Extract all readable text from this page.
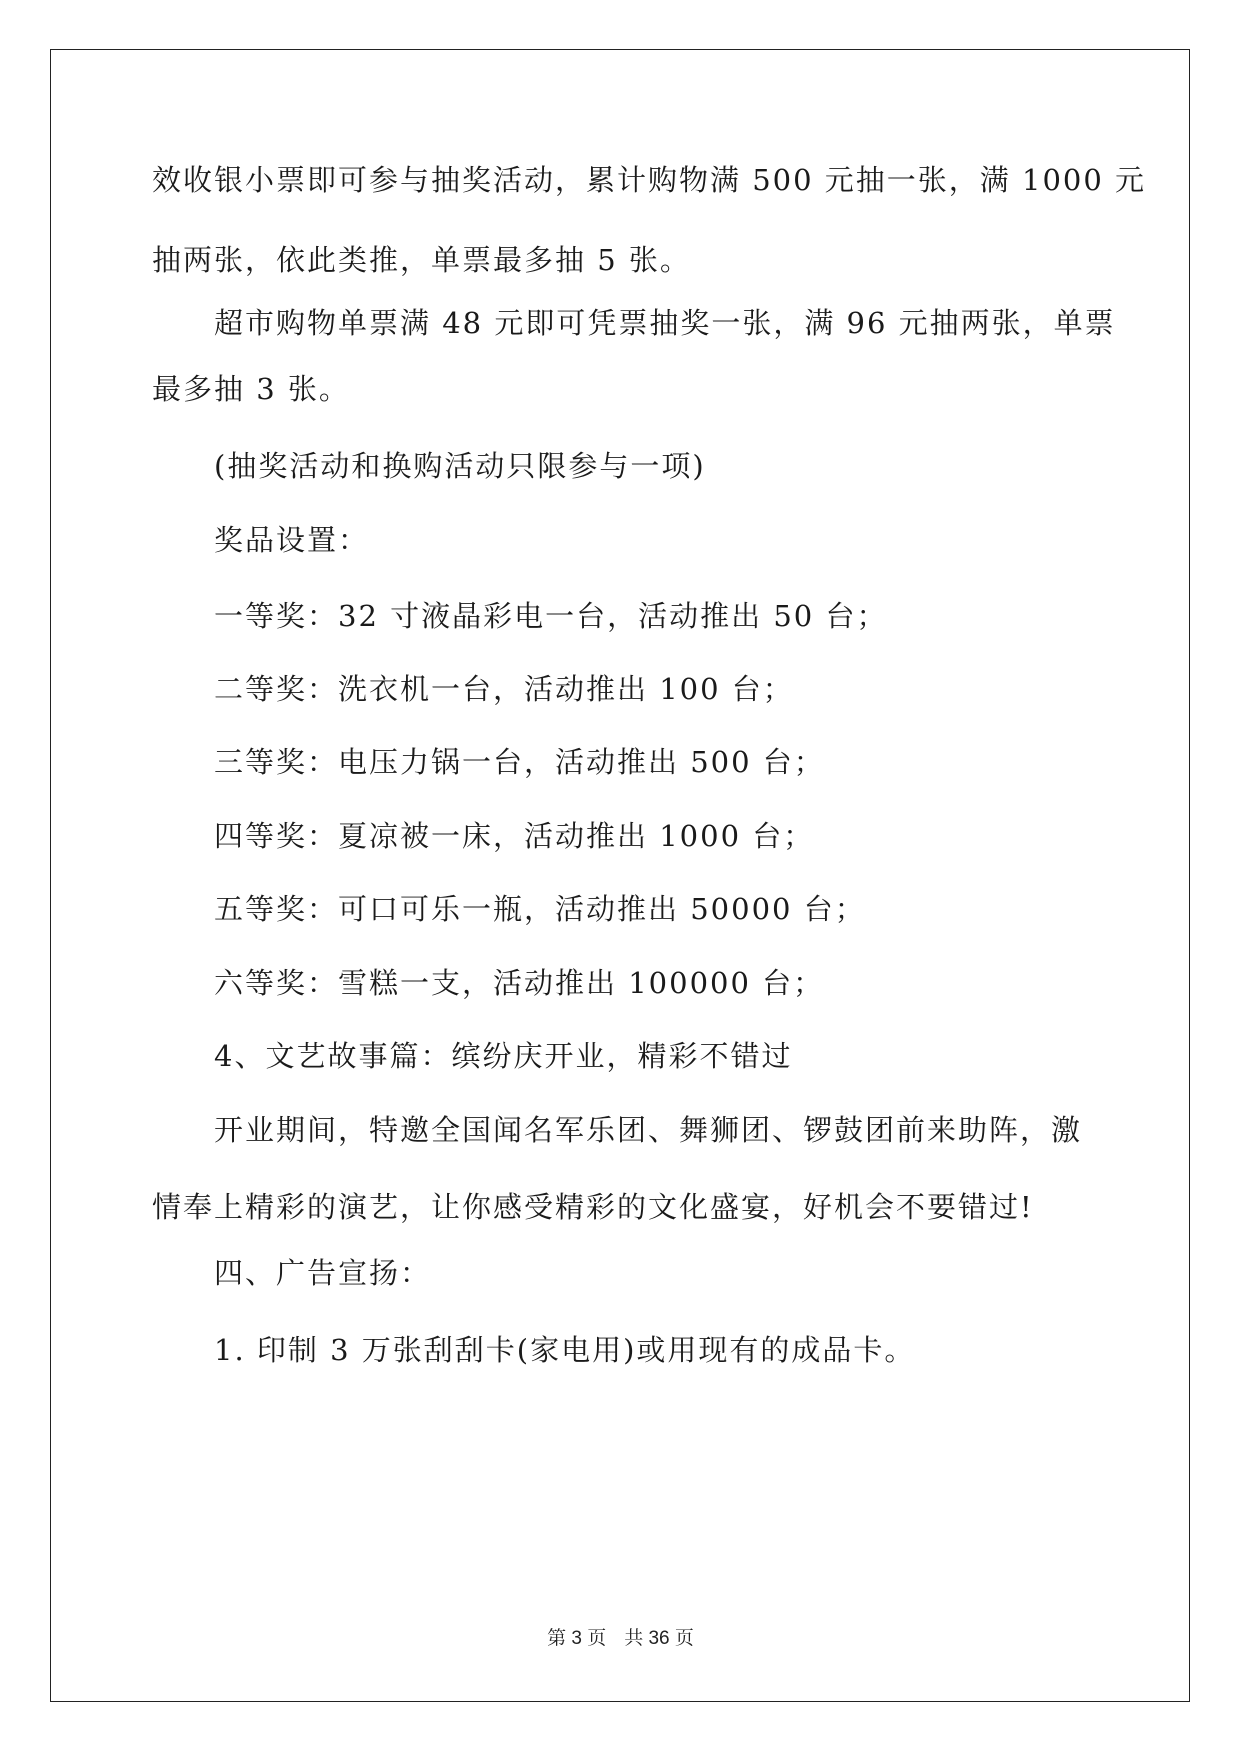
效收银小票即可参与抽奖活动，累计购物满 500 元抽一张，满 1000 元
抽两张，依此类推，单票最多抽 5 张。
超市购物单票满 48 元即可凭票抽奖一张，满 96 元抽两张，单票
最多抽 3 张。
(抽奖活动和换购活动只限参与一项)
奖品设置：
一等奖：32 寸液晶彩电一台，活动推出 50 台；
二等奖：洗衣机一台，活动推出 100 台；
三等奖：电压力锅一台，活动推出 500 台；
四等奖：夏凉被一床，活动推出 1000 台；
五等奖：可口可乐一瓶，活动推出 50000 台；
六等奖：雪糕一支，活动推出 100000 台；
4、文艺故事篇：缤纷庆开业，精彩不错过
开业期间，特邀全国闻名军乐团、舞狮团、锣鼓团前来助阵，激
情奉上精彩的演艺，让你感受精彩的文化盛宴，好机会不要错过!
四、广告宣扬：
1. 印制 3 万张刮刮卡(家电用)或用现有的成品卡。
第 3 页 共 36 页
